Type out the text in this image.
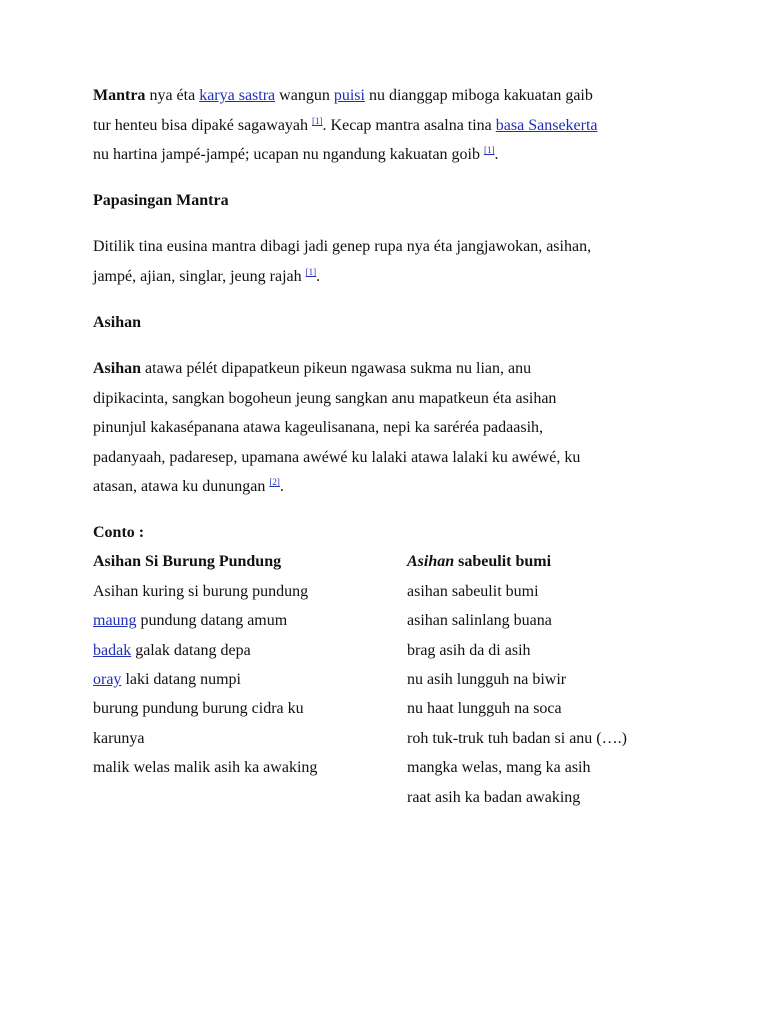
Mantra nya éta karya sastra wangun puisi nu dianggap miboga kakuatan gaib
tur henteu bisa dipaké sagawayah [1]. Kecap mantra asalna tina basa Sansekerta
nu hartina jampé-jampé; ucapan nu ngandung kakuatan goib [1].
Papasingan Mantra
Ditilik tina eusina mantra dibagi jadi genep rupa nya éta jangjawokan, asihan,
jampé, ajian, singlar, jeung rajah [1].
Asihan
Asihan atawa pélét dipapatkeun pikeun ngawasa sukma nu lian, anu
dipikacinta, sangkan bogoheun jeung sangkan anu mapatkeun éta asihan
pinunjul kakasépanana atawa kageulisanana, nepi ka saréréa padaasih,
padanyaah, padaresep, upamana awéwé ku lalaki atawa lalaki ku awéwé, ku
atasan, atawa ku dunungan [2].
Conto :
Asihan Si Burung Pundung
Asihan kuring si burung pundung
maung pundung datang amum
badak galak datang depa
oray laki datang numpi
burung pundung burung cidra ku
karunya
malik welas malik asih ka awaking
Asihan sabeulit bumi
asihan sabeulit bumi
asihan salinlang buana
brag asih da di asih
nu asih lungguh na biwir
nu haat lungguh na soca
roh tuk-truk tuh badan si anu (….)
mangka welas, mang ka asih
raat asih ka badan awaking
